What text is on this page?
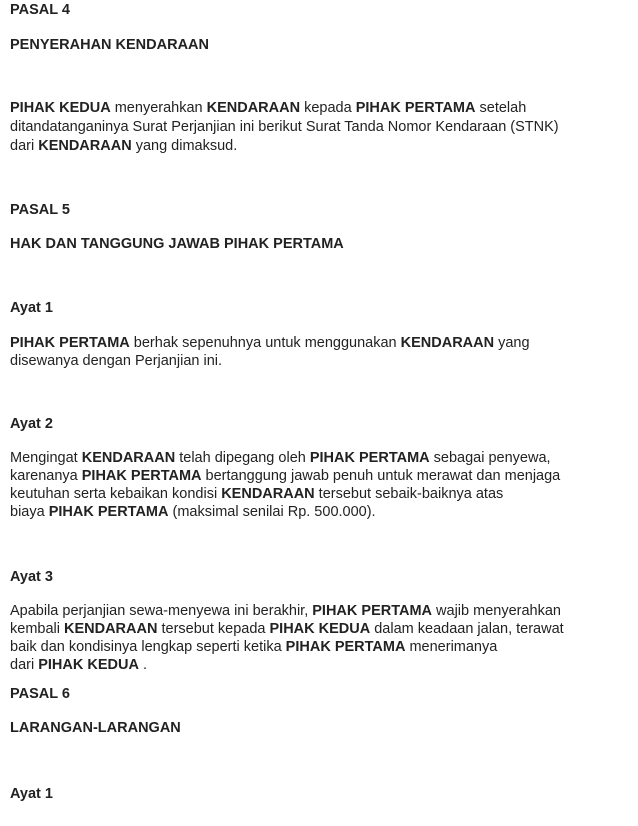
PASAL 4
PENYERAHAN KENDARAAN
PIHAK KEDUA menyerahkan KENDARAAN kepada PIHAK PERTAMA setelah
ditandatanganinya Surat Perjanjian ini berikut Surat Tanda Nomor Kendaraan (STNK)
dari KENDARAAN yang dimaksud.
PASAL 5
HAK DAN TANGGUNG JAWAB PIHAK PERTAMA
Ayat 1
PIHAK PERTAMA berhak sepenuhnya untuk menggunakan KENDARAAN yang
disewanya dengan Perjanjian ini.
Ayat 2
Mengingat KENDARAAN telah dipegang oleh PIHAK PERTAMA sebagai penyewa,
karenanya PIHAK PERTAMA bertanggung jawab penuh untuk merawat dan menjaga
keutuhan serta kebaikan kondisi KENDARAAN tersebut sebaik-baiknya atas
biaya PIHAK PERTAMA (maksimal senilai Rp. 500.000).
Ayat 3
Apabila perjanjian sewa-menyewa ini berakhir, PIHAK PERTAMA wajib menyerahkan
kembali KENDARAAN tersebut kepada PIHAK KEDUA dalam keadaan jalan, terawat
baik dan kondisinya lengkap seperti ketika PIHAK PERTAMA menerimanya
dari PIHAK KEDUA .
PASAL 6
LARANGAN-LARANGAN
Ayat 1
